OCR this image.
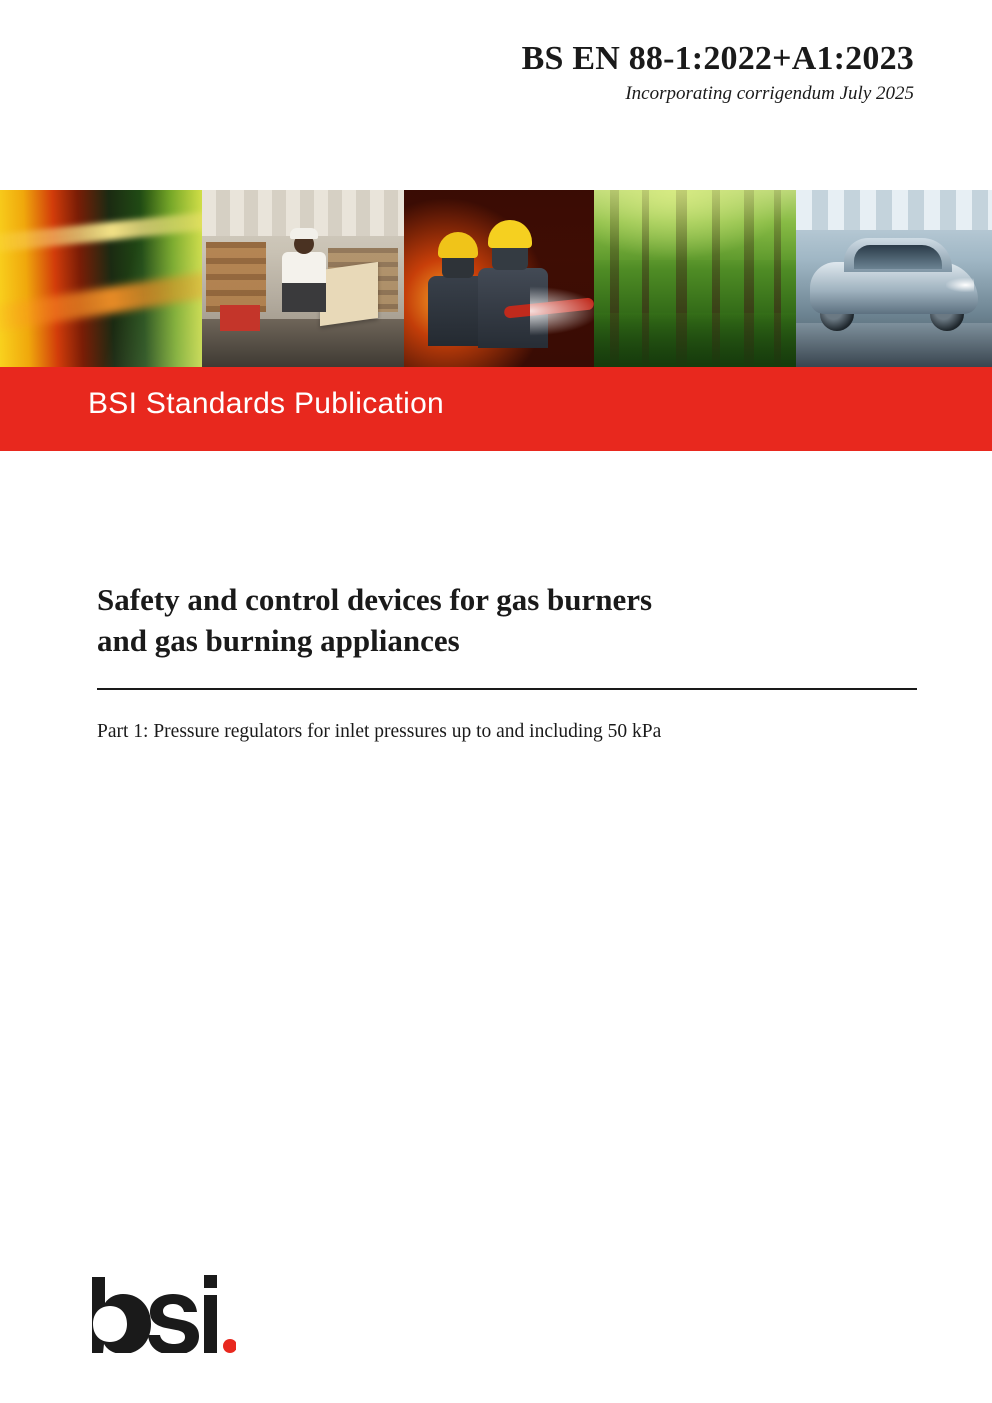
BS EN 88-1:2022+A1:2023
Incorporating corrigendum July 2025
BSI Standards Publication
Safety and control devices for gas burners
and gas burning appliances
Part 1: Pressure regulators for inlet pressures up to and including 50 kPa
